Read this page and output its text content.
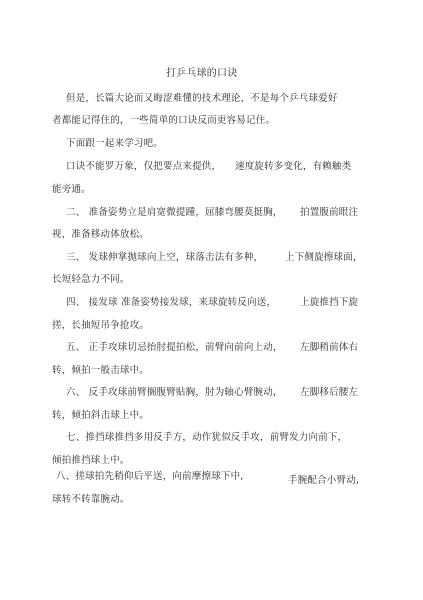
打乒乓球的口诀
但是，长篇大论而又晦涩难懂的技术理论，不是每个乒乓球爱好
者都能记得住的，一些简单的口诀反而更容易记住。
下面跟一起来学习吧。
口诀不能罗万象，仅把要点来提供， 速度旋转多变化，有赖触类
能旁通。
二、 准备姿势立是肩宽微提踵，屈膝弯腰莫挺胸， 拍置腹前眼注
视，准备移动体放松。
三、 发球伸掌抛球向上空，球落击法有多种， 上下侧旋擦球面，
长短轻急力不同。
四、 接发球 准备姿势接发球，来球旋转反向送，	上旋推挡下旋
搓，长抽短吊争抢攻。
五、 正手攻球切忌抬肘提拍松，前臂向前向上动， 左脚稍前体右
转，倾拍一般击球中。
六、 反手攻球前臂搁腹臂贴胸，肘为轴心臂腕动， 左脚移后腰左
转，倾拍斜击球上中。
七、推挡球推挡多用反手方，动作犹似反手攻，前臂发力向前下，
倾拍推挡球上中。
八、搓球拍先稍仰后平送，向前摩擦球下中,	手腕配合小臂动,
球转不转靠腕动。
